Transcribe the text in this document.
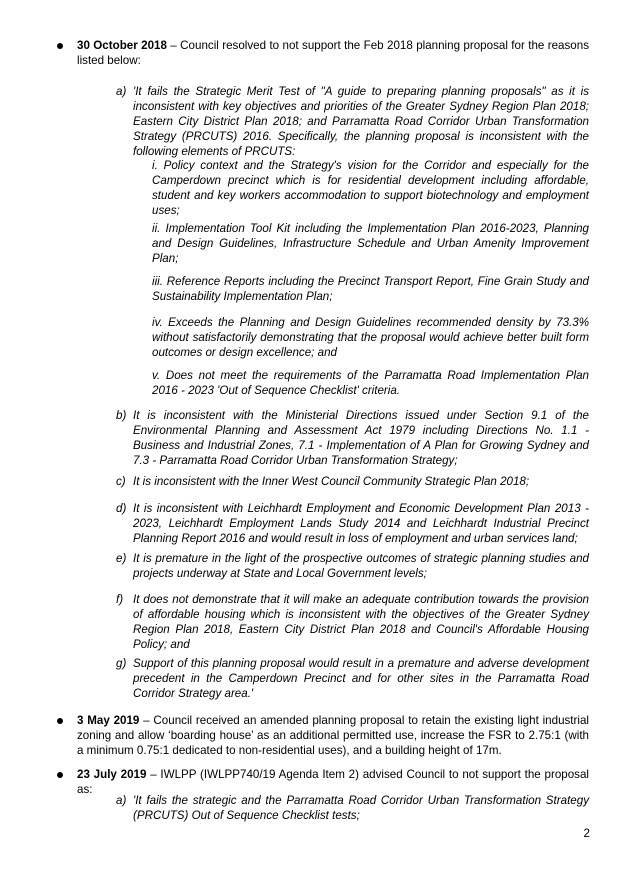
30 October 2018 – Council resolved to not support the Feb 2018 planning proposal for the reasons listed below:
a) 'It fails the Strategic Merit Test of "A guide to preparing planning proposals" as it is inconsistent with key objectives and priorities of the Greater Sydney Region Plan 2018; Eastern City District Plan 2018; and Parramatta Road Corridor Urban Transformation Strategy (PRCUTS) 2016. Specifically, the planning proposal is inconsistent with the following elements of PRCUTS:
i. Policy context and the Strategy's vision for the Corridor and especially for the Camperdown precinct which is for residential development including affordable, student and key workers accommodation to support biotechnology and employment uses;
ii. Implementation Tool Kit including the Implementation Plan 2016-2023, Planning and Design Guidelines, Infrastructure Schedule and Urban Amenity Improvement Plan;
iii. Reference Reports including the Precinct Transport Report, Fine Grain Study and Sustainability Implementation Plan;
iv. Exceeds the Planning and Design Guidelines recommended density by 73.3% without satisfactorily demonstrating that the proposal would achieve better built form outcomes or design excellence; and
v. Does not meet the requirements of the Parramatta Road Implementation Plan 2016 - 2023 'Out of Sequence Checklist' criteria.
b) It is inconsistent with the Ministerial Directions issued under Section 9.1 of the Environmental Planning and Assessment Act 1979 including Directions No. 1.1 - Business and Industrial Zones, 7.1 - Implementation of A Plan for Growing Sydney and 7.3 - Parramatta Road Corridor Urban Transformation Strategy;
c) It is inconsistent with the Inner West Council Community Strategic Plan 2018;
d) It is inconsistent with Leichhardt Employment and Economic Development Plan 2013 - 2023, Leichhardt Employment Lands Study 2014 and Leichhardt Industrial Precinct Planning Report 2016 and would result in loss of employment and urban services land;
e) It is premature in the light of the prospective outcomes of strategic planning studies and projects underway at State and Local Government levels;
f) It does not demonstrate that it will make an adequate contribution towards the provision of affordable housing which is inconsistent with the objectives of the Greater Sydney Region Plan 2018, Eastern City District Plan 2018 and Council's Affordable Housing Policy; and
g) Support of this planning proposal would result in a premature and adverse development precedent in the Camperdown Precinct and for other sites in the Parramatta Road Corridor Strategy area.'
3 May 2019 – Council received an amended planning proposal to retain the existing light industrial zoning and allow ‘boarding house’ as an additional permitted use, increase the FSR to 2.75:1 (with a minimum 0.75:1 dedicated to non-residential uses), and a building height of 17m.
23 July 2019 – IWLPP (IWLPP740/19 Agenda Item 2) advised Council to not support the proposal as:
a) 'It fails the strategic and the Parramatta Road Corridor Urban Transformation Strategy (PRCUTS) Out of Sequence Checklist tests;
2
